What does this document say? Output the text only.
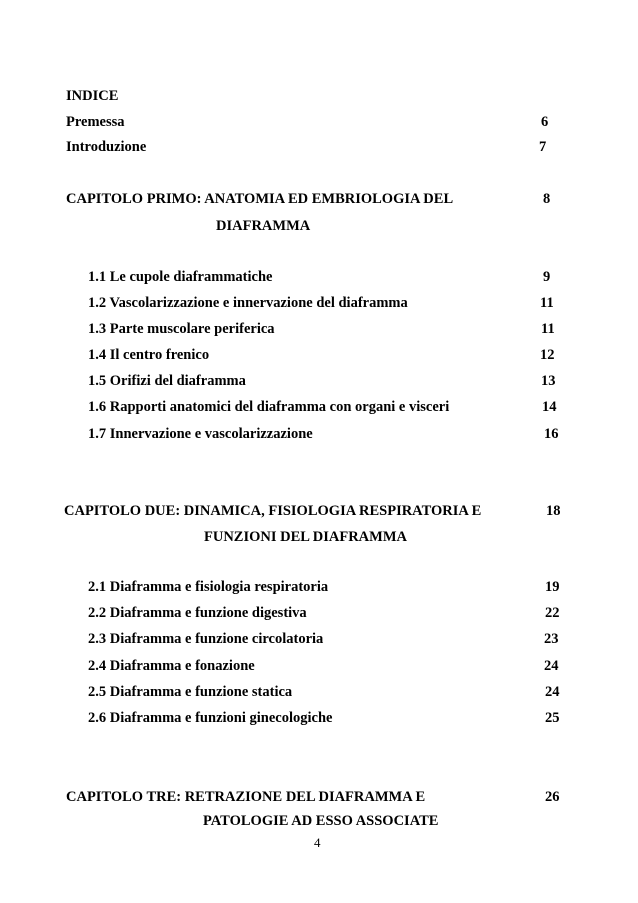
INDICE

Premessa	6

Introduzione	7

CAPITOLO PRIMO: ANATOMIA ED EMBRIOLOGIA DEL	8

DIAFRAMMA

1.1 Le cupole diaframmatiche	9

1.2 Vascolarizzazione e innervazione del diaframma	11

1.3 Parte muscolare periferica	11

1.4 Il centro frenico	12

1.5 Orifizi del diaframma	13

1.6 Rapporti anatomici del diaframma con organi e visceri	14

1.7 Innervazione e vascolarizzazione	16

CAPITOLO DUE: DINAMICA, FISIOLOGIA RESPIRATORIA E	18

FUNZIONI DEL DIAFRAMMA

2.1 Diaframma e fisiologia respiratoria	19

2.2 Diaframma e funzione digestiva	22

2.3 Diaframma e funzione circolatoria	23

2.4 Diaframma e fonazione	24

2.5 Diaframma e funzione statica	24

2.6 Diaframma e funzioni ginecologiche	25

CAPITOLO TRE: RETRAZIONE DEL DIAFRAMMA E	26

PATOLOGIE AD ESSO ASSOCIATE

4
